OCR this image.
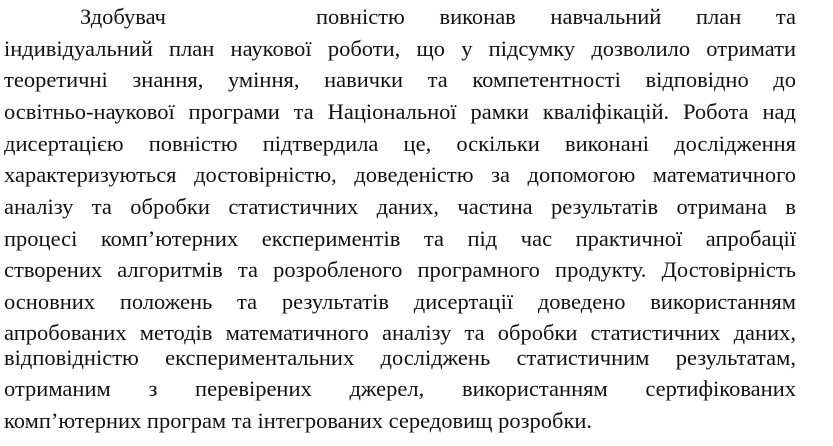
Здобувач	повністю виконав навчальний план та
індивідуальний план наукової роботи, що у підсумку дозволило отримати
теоретичні знання, уміння, навички та компетентності відповідно до
освітньо-наукової програми та Національної рамки кваліфікацій. Робота над
дисертацією повністю підтвердила це, оскільки виконані дослідження
характеризуються достовірністю, доведеністю за допомогою математичного
аналізу та обробки статистичних даних, частина результатів отримана в
процесі комп’ютерних експериментів та під час практичної апробації
створених алгоритмів та розробленого програмного продукту. Достовірність
основних положень та результатів дисертації доведено використанням
апробованих методів математичного аналізу та обробки статистичних даних,
відповідністю експериментальних досліджень статистичним результатам,
отриманим з перевірених джерел, використанням сертифікованих
комп’ютерних програм та інтегрованих середовищ розробки.
